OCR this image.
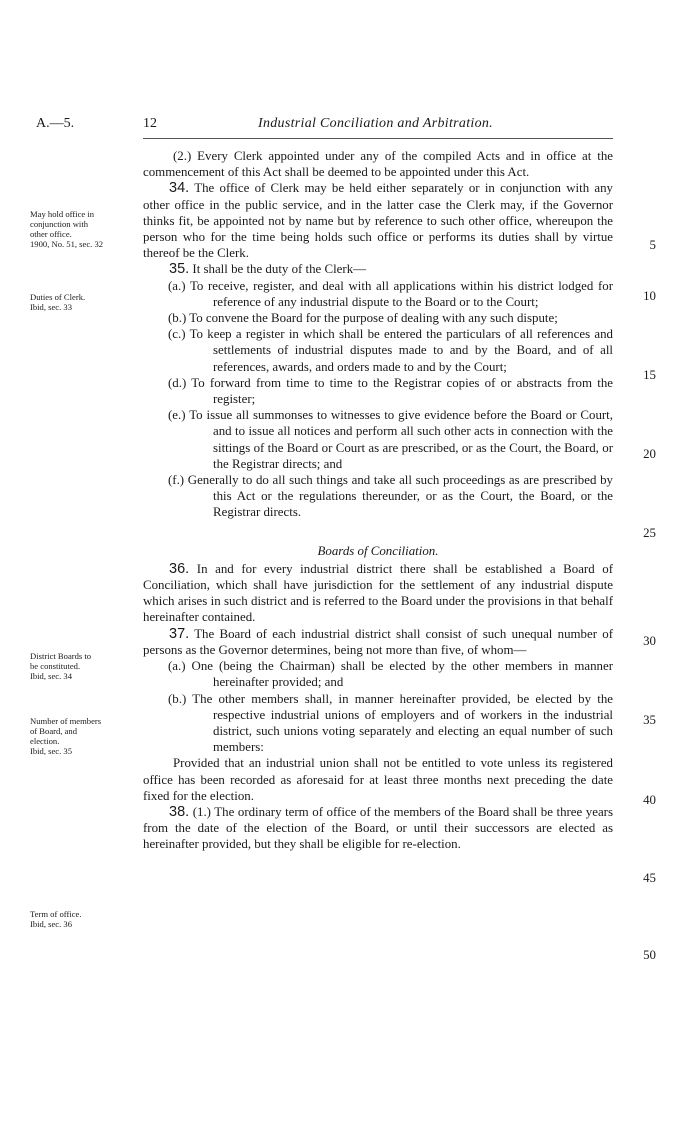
A.—5.	12	Industrial Conciliation and Arbitration.
May hold office in
conjunction with
other office.
1900, No. 51, sec. 32
Duties of Clerk.
Ibid, sec. 33
District Boards to
be constituted.
Ibid, sec. 34
Number of members
of Board, and
election.
Ibid, sec. 35
Term of office.
Ibid, sec. 36
5
10
15
20
25
30
35
40
45
50

(2.) Every Clerk appointed under any of the compiled Acts and in office at the commencement of this Act shall be deemed to be appointed under this Act.

34. The office of Clerk may be held either separately or in conjunction with any other office in the public service, and in the latter case the Clerk may, if the Governor thinks fit, be appointed not by name but by reference to such other office, whereupon the person who for the time being holds such office or performs its duties shall by virtue thereof be the Clerk.

35. It shall be the duty of the Clerk—

(a.) To receive, register, and deal with all applications within his district lodged for reference of any industrial dispute to the Board or to the Court;

(b.) To convene the Board for the purpose of dealing with any such dispute;

(c.) To keep a register in which shall be entered the particulars of all references and settlements of industrial disputes made to and by the Board, and of all references, awards, and orders made to and by the Court;

(d.) To forward from time to time to the Registrar copies of or abstracts from the register;

(e.) To issue all summonses to witnesses to give evidence before the Board or Court, and to issue all notices and perform all such other acts in connection with the sittings of the Board or Court as are prescribed, or as the Court, the Board, or the Registrar directs; and

(f.) Generally to do all such things and take all such proceedings as are prescribed by this Act or the regulations thereunder, or as the Court, the Board, or the Registrar directs.

Boards of Conciliation.

36. In and for every industrial district there shall be established a Board of Conciliation, which shall have jurisdiction for the settlement of any industrial dispute which arises in such district and is referred to the Board under the provisions in that behalf hereinafter contained.

37. The Board of each industrial district shall consist of such unequal number of persons as the Governor determines, being not more than five, of whom—

(a.) One (being the Chairman) shall be elected by the other members in manner hereinafter provided; and

(b.) The other members shall, in manner hereinafter provided, be elected by the respective industrial unions of employers and of workers in the industrial district, such unions voting separately and electing an equal number of such members:

Provided that an industrial union shall not be entitled to vote unless its registered office has been recorded as aforesaid for at least three months next preceding the date fixed for the election.

38. (1.) The ordinary term of office of the members of the Board shall be three years from the date of the election of the Board, or until their successors are elected as hereinafter provided, but they shall be eligible for re-election.
